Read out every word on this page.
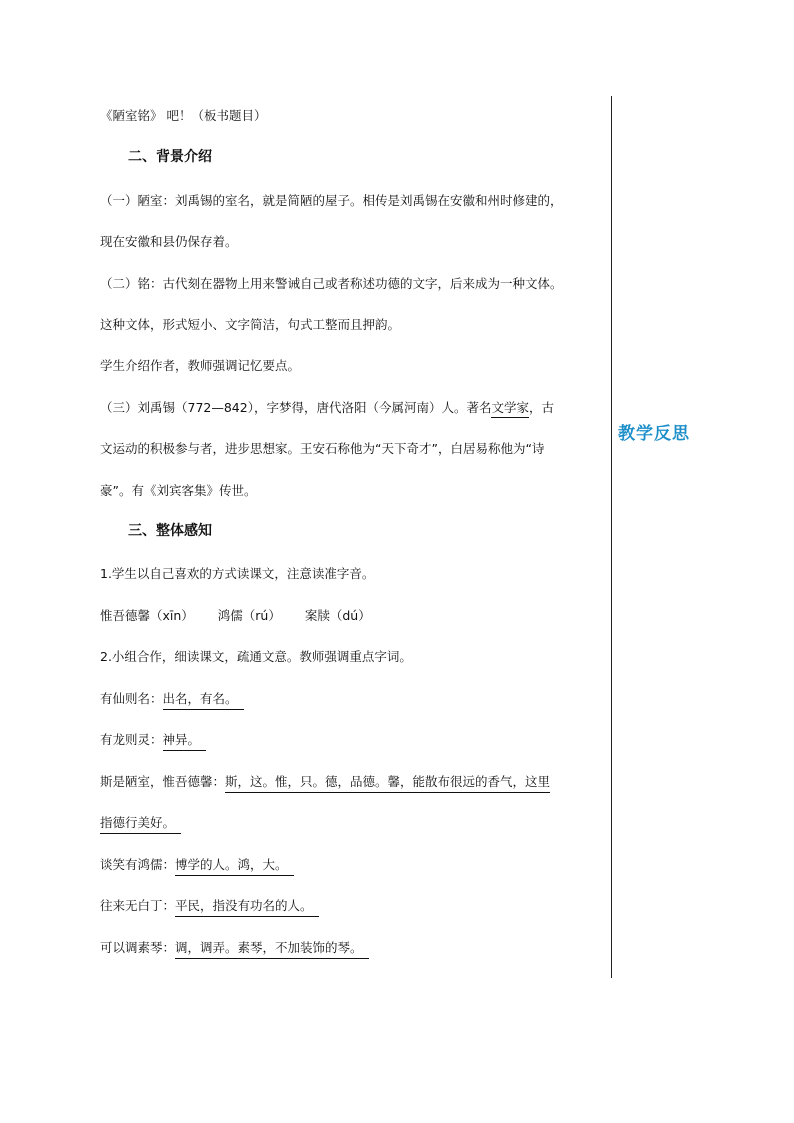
《陋室铭》 吧！（板书题目）
二、背景介绍
（一）陋室：刘禹锡的室名，就是简陋的屋子。相传是刘禹锡在安徽和州时修建的，
现在安徽和县仍保存着。
（二）铭：古代刻在器物上用来警诫自己或者称述功德的文字，后来成为一种文体。
这种文体，形式短小、文字简洁，句式工整而且押韵。
学生介绍作者，教师强调记忆要点。
（三）刘禹锡（772—842），字梦得，唐代洛阳（今属河南）人。著名文学家，古
文运动的积极参与者，进步思想家。王安石称他为“天下奇才”，白居易称他为“诗
豪”。有《刘宾客集》传世。
三、整体感知
1.学生以自己喜欢的方式读课文，注意读准字音。
惟吾德馨（xīn） 鸿儒（rú） 案牍（dú）
2.小组合作，细读课文，疏通文意。教师强调重点字词。
有仙则名：出名，有名。
有龙则灵：神异。
斯是陋室，惟吾德馨：斯，这。惟，只。德，品德。馨，能散布很远的香气，这里
指德行美好。
谈笑有鸿儒：博学的人。鸿，大。
往来无白丁：平民，指没有功名的人。
可以调素琴：调，调弄。素琴，不加装饰的琴。
教学反思
